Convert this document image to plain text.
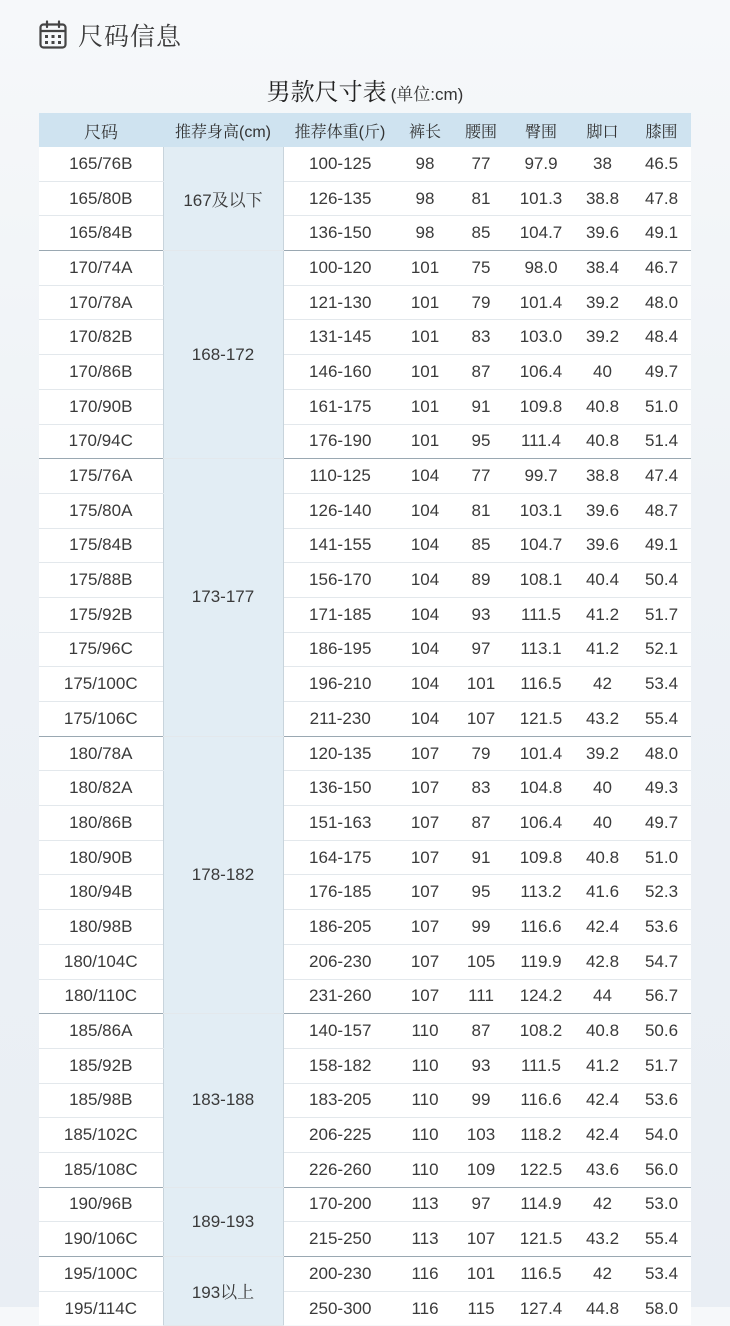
尺码信息
男款尺寸表 (单位:cm)
尺码	推荐身高(cm)	推荐体重(斤)	裤长	腰围	臀围	脚口	膝围
165/76B	167及以下	100-125	98	77	97.9	38	46.5
165/80B		126-135	98	81	101.3	38.8	47.8
165/84B		136-150	98	85	104.7	39.6	49.1
170/74A	168-172	100-120	101	75	98.0	38.4	46.7
170/78A		121-130	101	79	101.4	39.2	48.0
170/82B		131-145	101	83	103.0	39.2	48.4
170/86B		146-160	101	87	106.4	40	49.7
170/90B		161-175	101	91	109.8	40.8	51.0
170/94C		176-190	101	95	111.4	40.8	51.4
175/76A	173-177	110-125	104	77	99.7	38.8	47.4
175/80A		126-140	104	81	103.1	39.6	48.7
175/84B		141-155	104	85	104.7	39.6	49.1
175/88B		156-170	104	89	108.1	40.4	50.4
175/92B		171-185	104	93	111.5	41.2	51.7
175/96C		186-195	104	97	113.1	41.2	52.1
175/100C		196-210	104	101	116.5	42	53.4
175/106C		211-230	104	107	121.5	43.2	55.4
180/78A	178-182	120-135	107	79	101.4	39.2	48.0
180/82A		136-150	107	83	104.8	40	49.3
180/86B		151-163	107	87	106.4	40	49.7
180/90B		164-175	107	91	109.8	40.8	51.0
180/94B		176-185	107	95	113.2	41.6	52.3
180/98B		186-205	107	99	116.6	42.4	53.6
180/104C		206-230	107	105	119.9	42.8	54.7
180/110C		231-260	107	111	124.2	44	56.7
185/86A	183-188	140-157	110	87	108.2	40.8	50.6
185/92B		158-182	110	93	111.5	41.2	51.7
185/98B		183-205	110	99	116.6	42.4	53.6
185/102C		206-225	110	103	118.2	42.4	54.0
185/108C		226-260	110	109	122.5	43.6	56.0
190/96B	189-193	170-200	113	97	114.9	42	53.0
190/106C		215-250	113	107	121.5	43.2	55.4
195/100C	193以上	200-230	116	101	116.5	42	53.4
195/114C		250-300	116	115	127.4	44.8	58.0
